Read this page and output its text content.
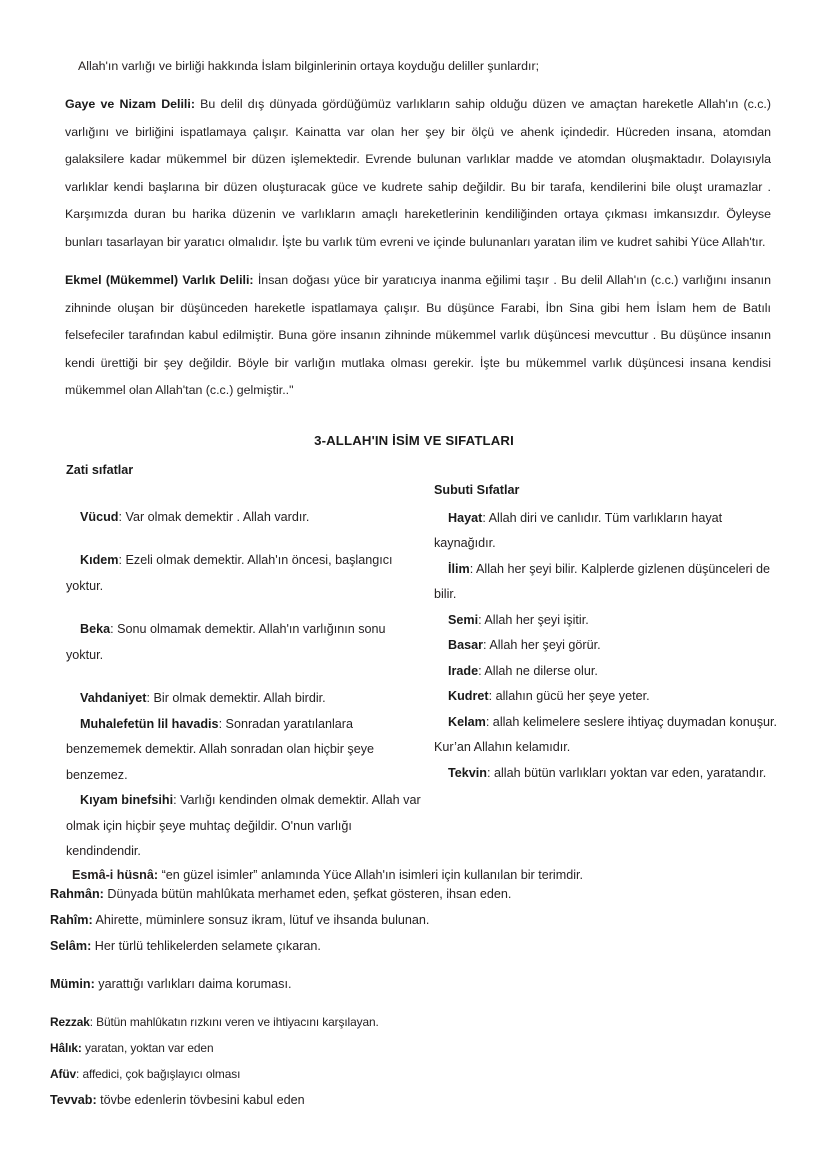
Allah'ın varlığı ve birliği hakkında İslam bilginlerinin ortaya koyduğu deliller şunlardır;

Gaye ve Nizam Delili: Bu delil dış dünyada gördüğümüz varlıkların sahip olduğu düzen ve amaçtan hareketle Allah'ın (c.c.) varlığını ve birliğini ispatlamaya çalışır. Kainatta var olan her şey bir ölçü ve ahenk içindedir. Hücreden insana, atomdan galaksilere kadar mükemmel bir düzen işlemektedir. Evrende bulunan varlıklar madde ve atomdan oluşmaktadır. Dolayısıyla varlıklar kendi başlarına bir düzen oluşturacak güce ve kudrete sahip değildir. Bu bir tarafa, kendilerini bile oluşt uramazlar . Karşımızda duran bu harika düzenin ve varlıkların amaçlı hareketlerinin kendiliğinden ortaya çıkması imkansızdır. Öyleyse bunları tasarlayan bir yaratıcı olmalıdır. İşte bu varlık tüm evreni ve içinde bulunanları yaratan ilim ve kudret sahibi Yüce Allah'tır.

Ekmel (Mükemmel) Varlık Delili: İnsan doğası yüce bir yaratıcıya inanma eğilimi taşır . Bu delil Allah'ın (c.c.) varlığını insanın zihninde oluşan bir düşünceden hareketle ispatlamaya çalışır. Bu düşünce Farabi, İbn Sina gibi hem İslam hem de Batılı felsefeciler tarafından kabul edilmiştir. Buna göre insanın zihninde mükemmel varlık düşüncesi mevcuttur . Bu düşünce insanın kendi ürettiği bir şey değildir. Böyle bir varlığın mutlaka olması gerekir. İşte bu mükemmel varlık düşüncesi insana kendisi mükemmel olan Allah'tan (c.c.) gelmiştir.."

3-ALLAH'IN İSİM VE SIFATLARI
Zati sıfatlar
Vücud: Var olmak demektir . Allah vardır.
Kıdem: Ezeli olmak demektir. Allah'ın öncesi, başlangıcı yoktur.
Beka: Sonu olmamak demektir. Allah'ın varlığının sonu yoktur.
Vahdaniyet: Bir olmak demektir. Allah birdir.
Muhalefetün lil havadis: Sonradan yaratılanlara benzememek demektir. Allah sonradan olan hiçbir şeye benzemez.
Kıyam binefsihi: Varlığı kendinden olmak demektir. Allah var olmak için hiçbir şeye muhtaç değildir. O'nun varlığı kendindendir.
Subuti Sıfatlar
Hayat: Allah diri ve canlıdır. Tüm varlıkların hayat kaynağıdır.
İlim: Allah her şeyi bilir. Kalplerde gizlenen düşünceleri de bilir.
Semi: Allah her şeyi işitir.
Basar: Allah her şeyi görür.
Irade: Allah ne dilerse olur.
Kudret: allahın gücü her şeye yeter.
Kelam: allah kelimelere seslere ihtiyaç duymadan konuşur. Kur’an Allahın kelamıdır.
Tekvin: allah bütün varlıkları yoktan var eden, yaratandır.

Esmâ-i hüsnâ: “en güzel isimler” anlamında Yüce Allah'ın isimleri için kullanılan bir terimdir.

Rahmân: Dünyada bütün mahlûkata merhamet eden, şefkat gösteren, ihsan eden.
Rahîm: Ahirette, müminlere sonsuz ikram, lütuf ve ihsanda bulunan.
Selâm: Her türlü tehlikelerden selamete çıkaran.
Mümin: yarattığı varlıkları daima koruması.
Rezzak: Bütün mahlûkatın rızkını veren ve ihtiyacını karşılayan.
Hâlık: yaratan, yoktan var eden
Afüv: affedici, çok bağışlayıcı olması
Tevvab: tövbe edenlerin tövbesini kabul eden
